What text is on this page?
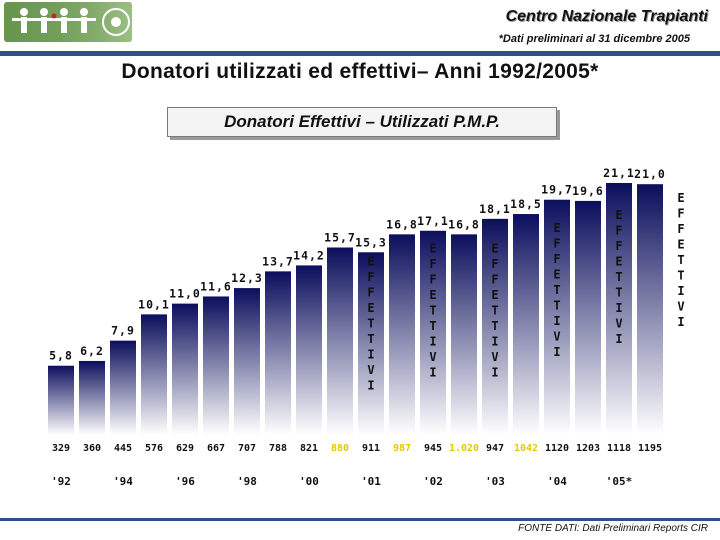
Centro Nazionale Trapianti
*Dati preliminari al 31 dicembre 2005
Donatori utilizzati ed effettivi– Anni 1992/2005*
Donatori Effettivi – Utilizzati P.M.P.
5,8
329
6,2
360
7,9
445
10,1
576
11,0
629
11,6
667
12,3
707
13,7
788
14,2
821
15,7
880
15,3
911
16,8
987
17,1
945
16,8
1.020
18,1
947
18,5
1042
19,7
1120
19,6
1203
21,1
1118
21,0
1195
E
F
F
E
T
T
I
V
I
E
F
F
E
T
T
I
V
I
E
F
F
E
T
T
I
V
I
E
F
F
E
T
T
I
V
I
E
F
F
E
T
T
I
V
I
E
F
F
E
T
T
I
V
I
'92	'94	'96	'98	'00	'01	'02	'03	'04	'05*
FONTE DATI: Dati Preliminari Reports CIR
